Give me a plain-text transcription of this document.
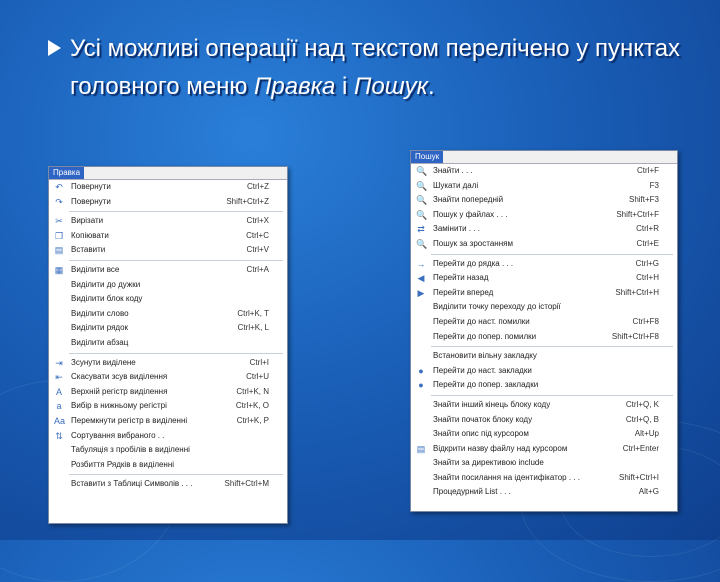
Усі можливі операції над текстом перелічено у пунктах головного меню Правка і Пошук.
Правка
↶ Повернути	Ctrl+Z
↷ Повернути	Shift+Ctrl+Z
✂ Вирізати	Ctrl+X
❐ Копіювати	Ctrl+C
▤ Вставити	Ctrl+V
▦ Виділити все	Ctrl+A
Виділити до дужки
Виділити блок коду
Виділити слово	Ctrl+K, T
Виділити рядок	Ctrl+K, L
Виділити абзац
⇥ Зсунути виділене	Ctrl+I
⇤ Скасувати зсув виділення	Ctrl+U
A Верхній регістр виділення	Ctrl+K, N
a	Вибір в нижньому регістрі	Ctrl+K, O
Aa Перемкнути регістр в виділенні	Ctrl+K, P
⇅ Сортування вибраного . .
Табуляція з пробілів в виділенні
Розбиття Рядків в виділенні
Вставити з Таблиці Символів . . .	Shift+Ctrl+M
Пошук
🔍 Знайти . . .	Ctrl+F
🔍 Шукати далі	F3
🔍 Знайти попередній	Shift+F3
🔍 Пошук у файлах . . .	Shift+Ctrl+F
⇄ Замінити . . .	Ctrl+R
🔍 Пошук за зростанням	Ctrl+E
→ Перейти до рядка . . .	Ctrl+G
◀ Перейти назад	Ctrl+H
▶ Перейти вперед	Shift+Ctrl+H
Виділити точку переходу до історії
Перейти до наст. помилки	Ctrl+F8
Перейти до попер. помилки	Shift+Ctrl+F8
Встановити вільну закладку
● Перейти до наст. закладки
● Перейти до попер. закладки
Знайти інший кінець блоку коду	Ctrl+Q, K
Знайти початок блоку коду	Ctrl+Q, B
Знайти опис під курсором	Alt+Up
▤ Відкрити назву файлу над курсором	Ctrl+Enter
Знайти за директивою include
Знайти посилання на ідентифікатор . . .	Shift+Ctrl+I
Процедурний List . . .	Alt+G
